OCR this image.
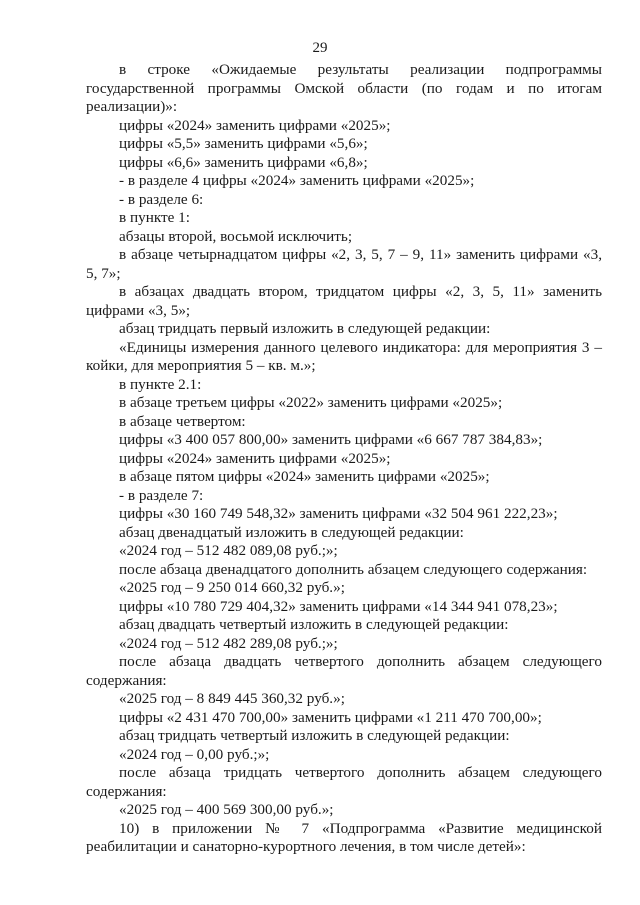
29

в строке «Ожидаемые результаты реализации подпрограммы государственной программы Омской области (по годам и по итогам реализации)»:

цифры «2024» заменить цифрами «2025»;

цифры «5,5» заменить цифрами «5,6»;

цифры «6,6» заменить цифрами «6,8»;

- в разделе 4 цифры «2024» заменить цифрами «2025»;

- в разделе 6:

в пункте 1:

абзацы второй, восьмой исключить;

в абзаце четырнадцатом цифры «2, 3, 5, 7 – 9, 11» заменить цифрами «3, 5, 7»;

в абзацах двадцать втором, тридцатом цифры «2, 3, 5, 11» заменить цифрами «3, 5»;

абзац тридцать первый изложить в следующей редакции:

«Единицы измерения данного целевого индикатора: для мероприятия 3 – койки, для мероприятия 5 – кв. м.»;

в пункте 2.1:

в абзаце третьем цифры «2022» заменить цифрами «2025»;

в абзаце четвертом:

цифры «3 400 057 800,00» заменить цифрами «6 667 787 384,83»;

цифры «2024» заменить цифрами «2025»;

в абзаце пятом цифры «2024» заменить цифрами «2025»;

- в разделе 7:

цифры «30 160 749 548,32» заменить цифрами «32 504 961 222,23»;

абзац двенадцатый изложить в следующей редакции:

«2024 год – 512 482 089,08 руб.;»;

после абзаца двенадцатого дополнить абзацем следующего содержания:

«2025 год – 9 250 014 660,32 руб.»;

цифры «10 780 729 404,32» заменить цифрами «14 344 941 078,23»;

абзац двадцать четвертый изложить в следующей редакции:

«2024 год – 512 482 289,08 руб.;»;

после абзаца двадцать четвертого дополнить абзацем следующего содержания:

«2025 год – 8 849 445 360,32 руб.»;

цифры «2 431 470 700,00» заменить цифрами «1 211 470 700,00»;

абзац тридцать четвертый изложить в следующей редакции:

«2024 год – 0,00 руб.;»;

после абзаца тридцать четвертого дополнить абзацем следующего содержания:

«2025 год – 400 569 300,00 руб.»;

10) в приложении № 7 «Подпрограмма «Развитие медицинской реабилитации и санаторно-курортного лечения, в том числе детей»:
